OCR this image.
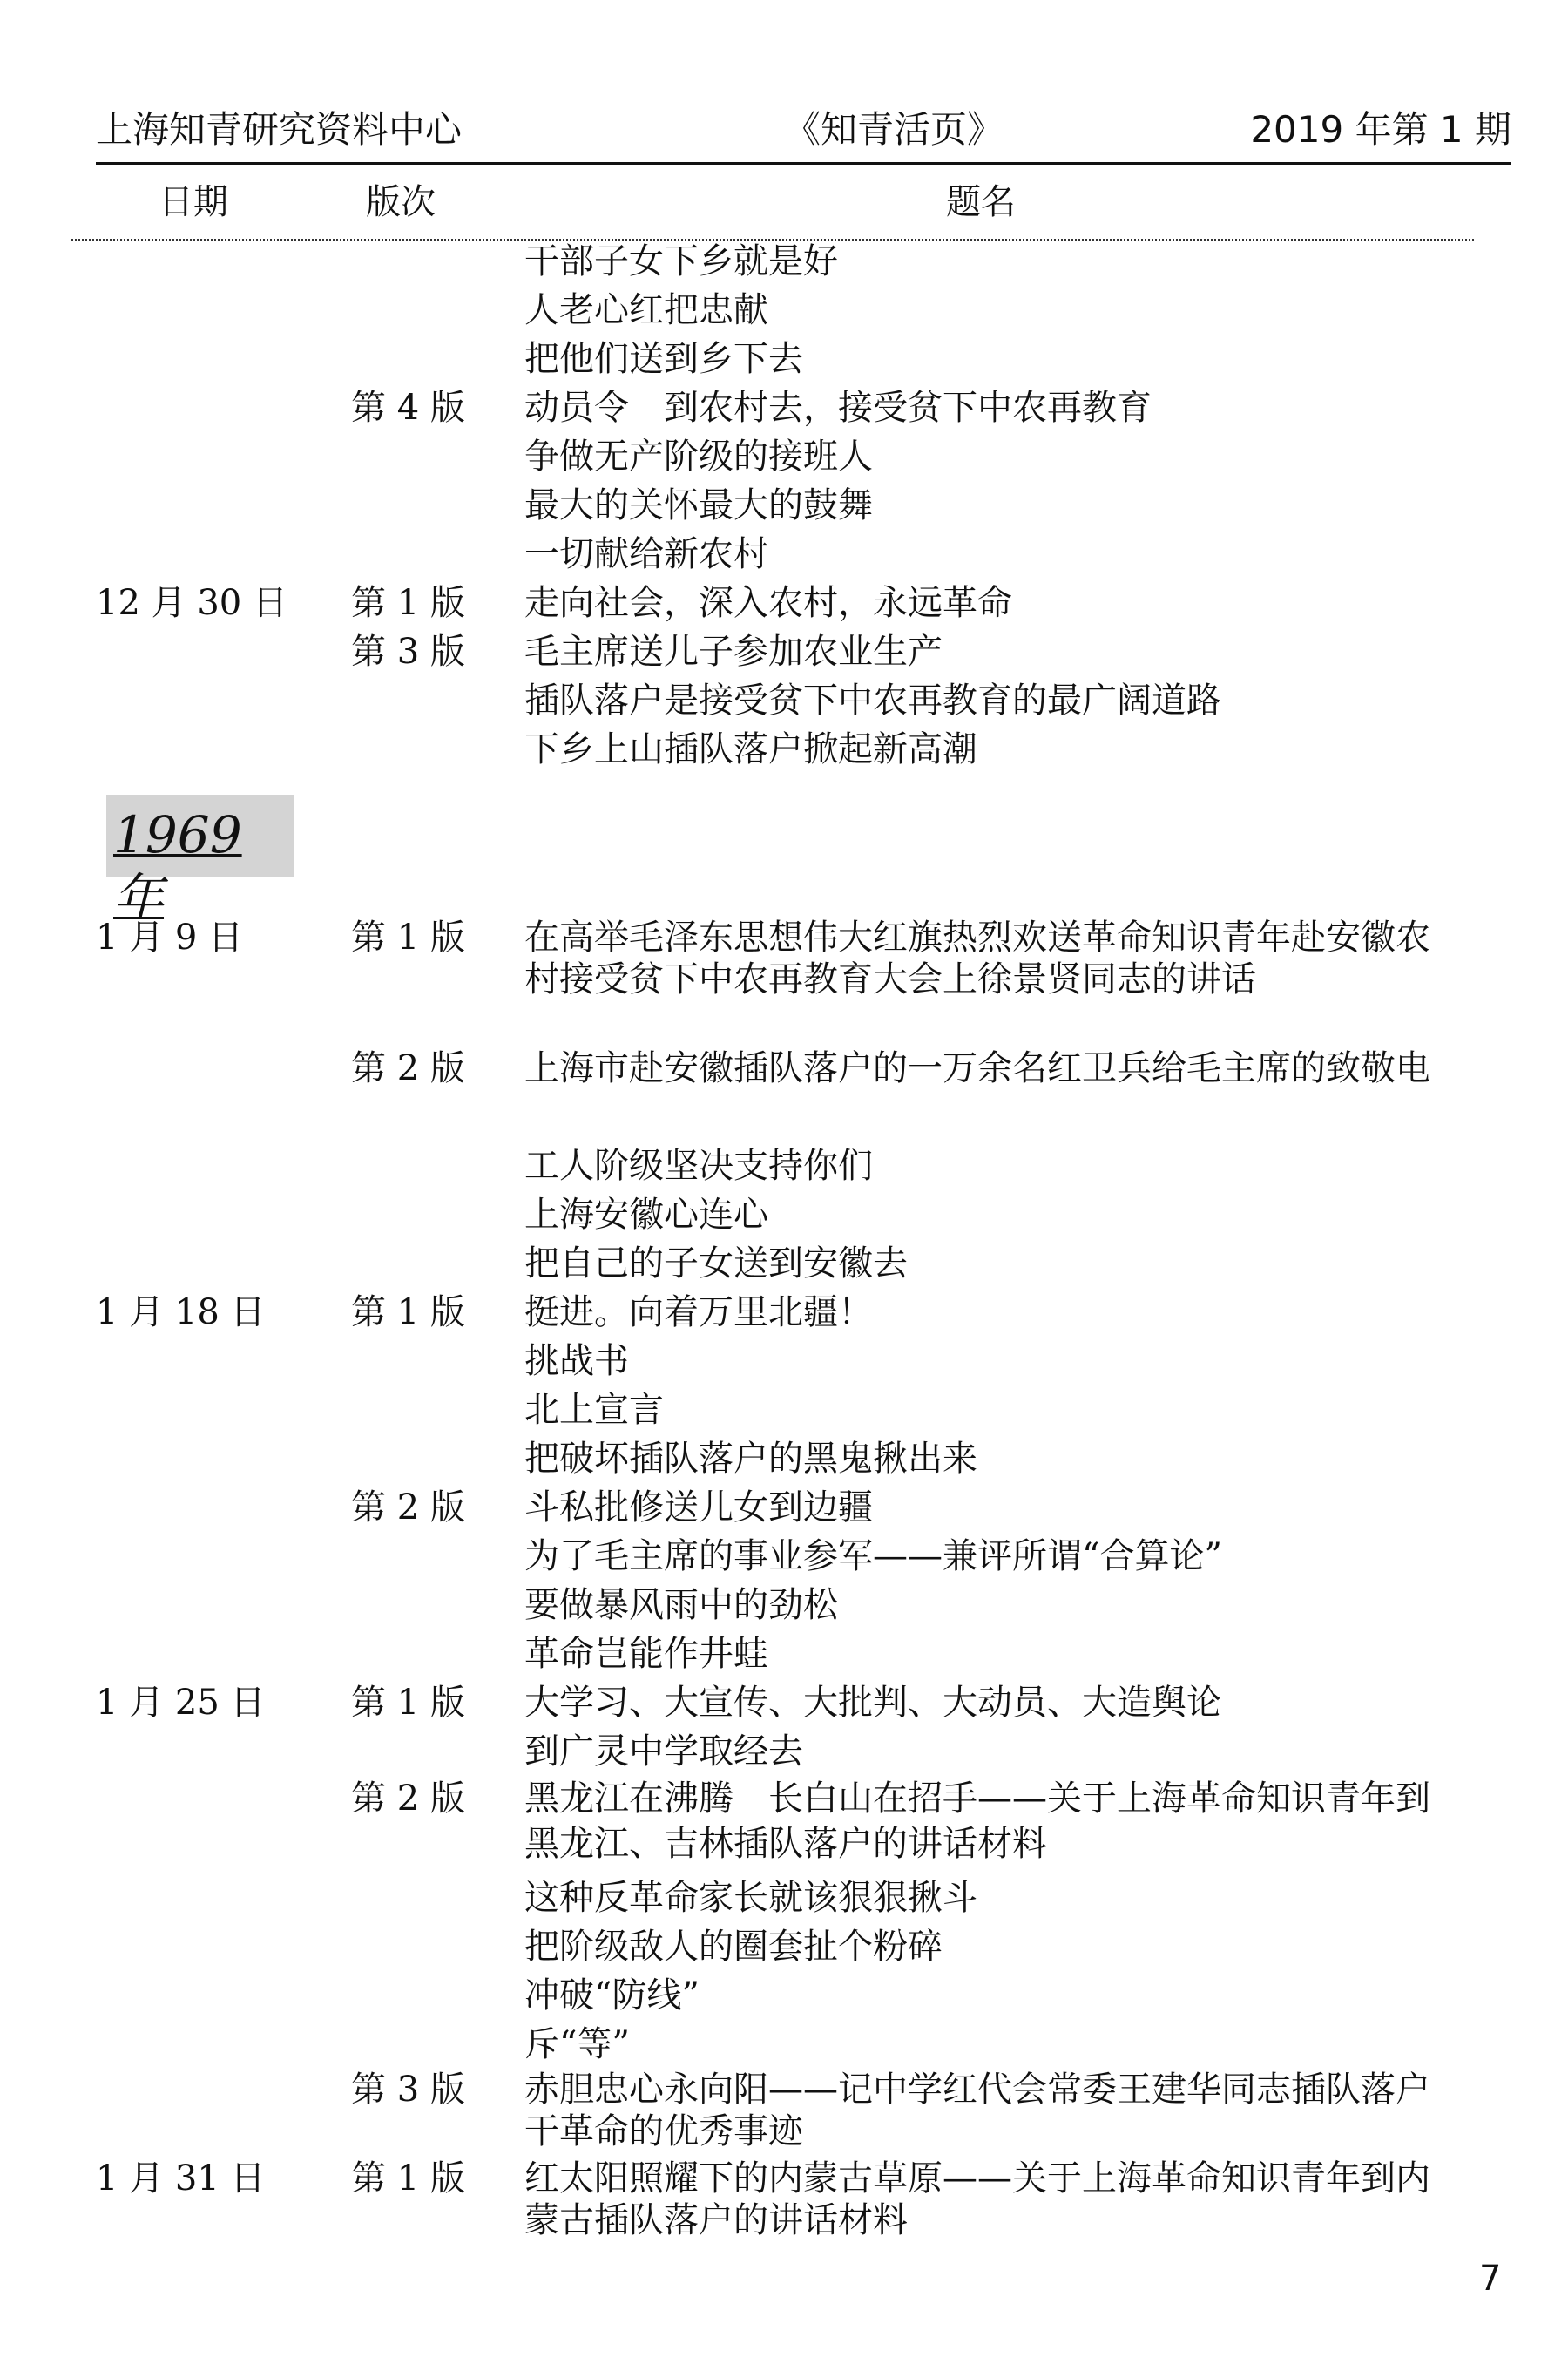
上海知青研究资料中心	《知青活页》	2019 年第 1 期
日期	版次	题名
1969 年
干部子女下乡就是好
人老心红把忠献
把他们送到乡下去
第 4 版	动员令　到农村去，接受贫下中农再教育
争做无产阶级的接班人
最大的关怀最大的鼓舞
一切献给新农村
12 月 30 日 第 1 版	走向社会，深入农村，永远革命
第 3 版	毛主席送儿子参加农业生产
插队落户是接受贫下中农再教育的最广阔道路
下乡上山插队落户掀起新高潮
1 月 9 日	第 1 版	在高举毛泽东思想伟大红旗热烈欢送革命知识青年赴安徽农村接受贫下中农再教育大会上徐景贤同志的讲话
第 2 版	上海市赴安徽插队落户的一万余名红卫兵给毛主席的致敬电
工人阶级坚决支持你们
上海安徽心连心
把自己的子女送到安徽去
1 月 18 日	第 1 版	挺进。向着万里北疆！
挑战书
北上宣言
把破坏插队落户的黑鬼揪出来
第 2 版	斗私批修送儿女到边疆
为了毛主席的事业参军——兼评所谓“合算论”
要做暴风雨中的劲松
革命岂能作井蛙
1 月 25 日	第 1 版	大学习、大宣传、大批判、大动员、大造舆论
到广灵中学取经去
第 2 版	黑龙江在沸腾　长白山在招手——关于上海革命知识青年到黑龙江、吉林插队落户的讲话材料
这种反革命家长就该狠狠揪斗
把阶级敌人的圈套扯个粉碎
冲破“防线”
斥“等”
第 3 版	赤胆忠心永向阳——记中学红代会常委王建华同志插队落户干革命的优秀事迹
1 月 31 日	第 1 版	红太阳照耀下的内蒙古草原——关于上海革命知识青年到内蒙古插队落户的讲话材料
7
